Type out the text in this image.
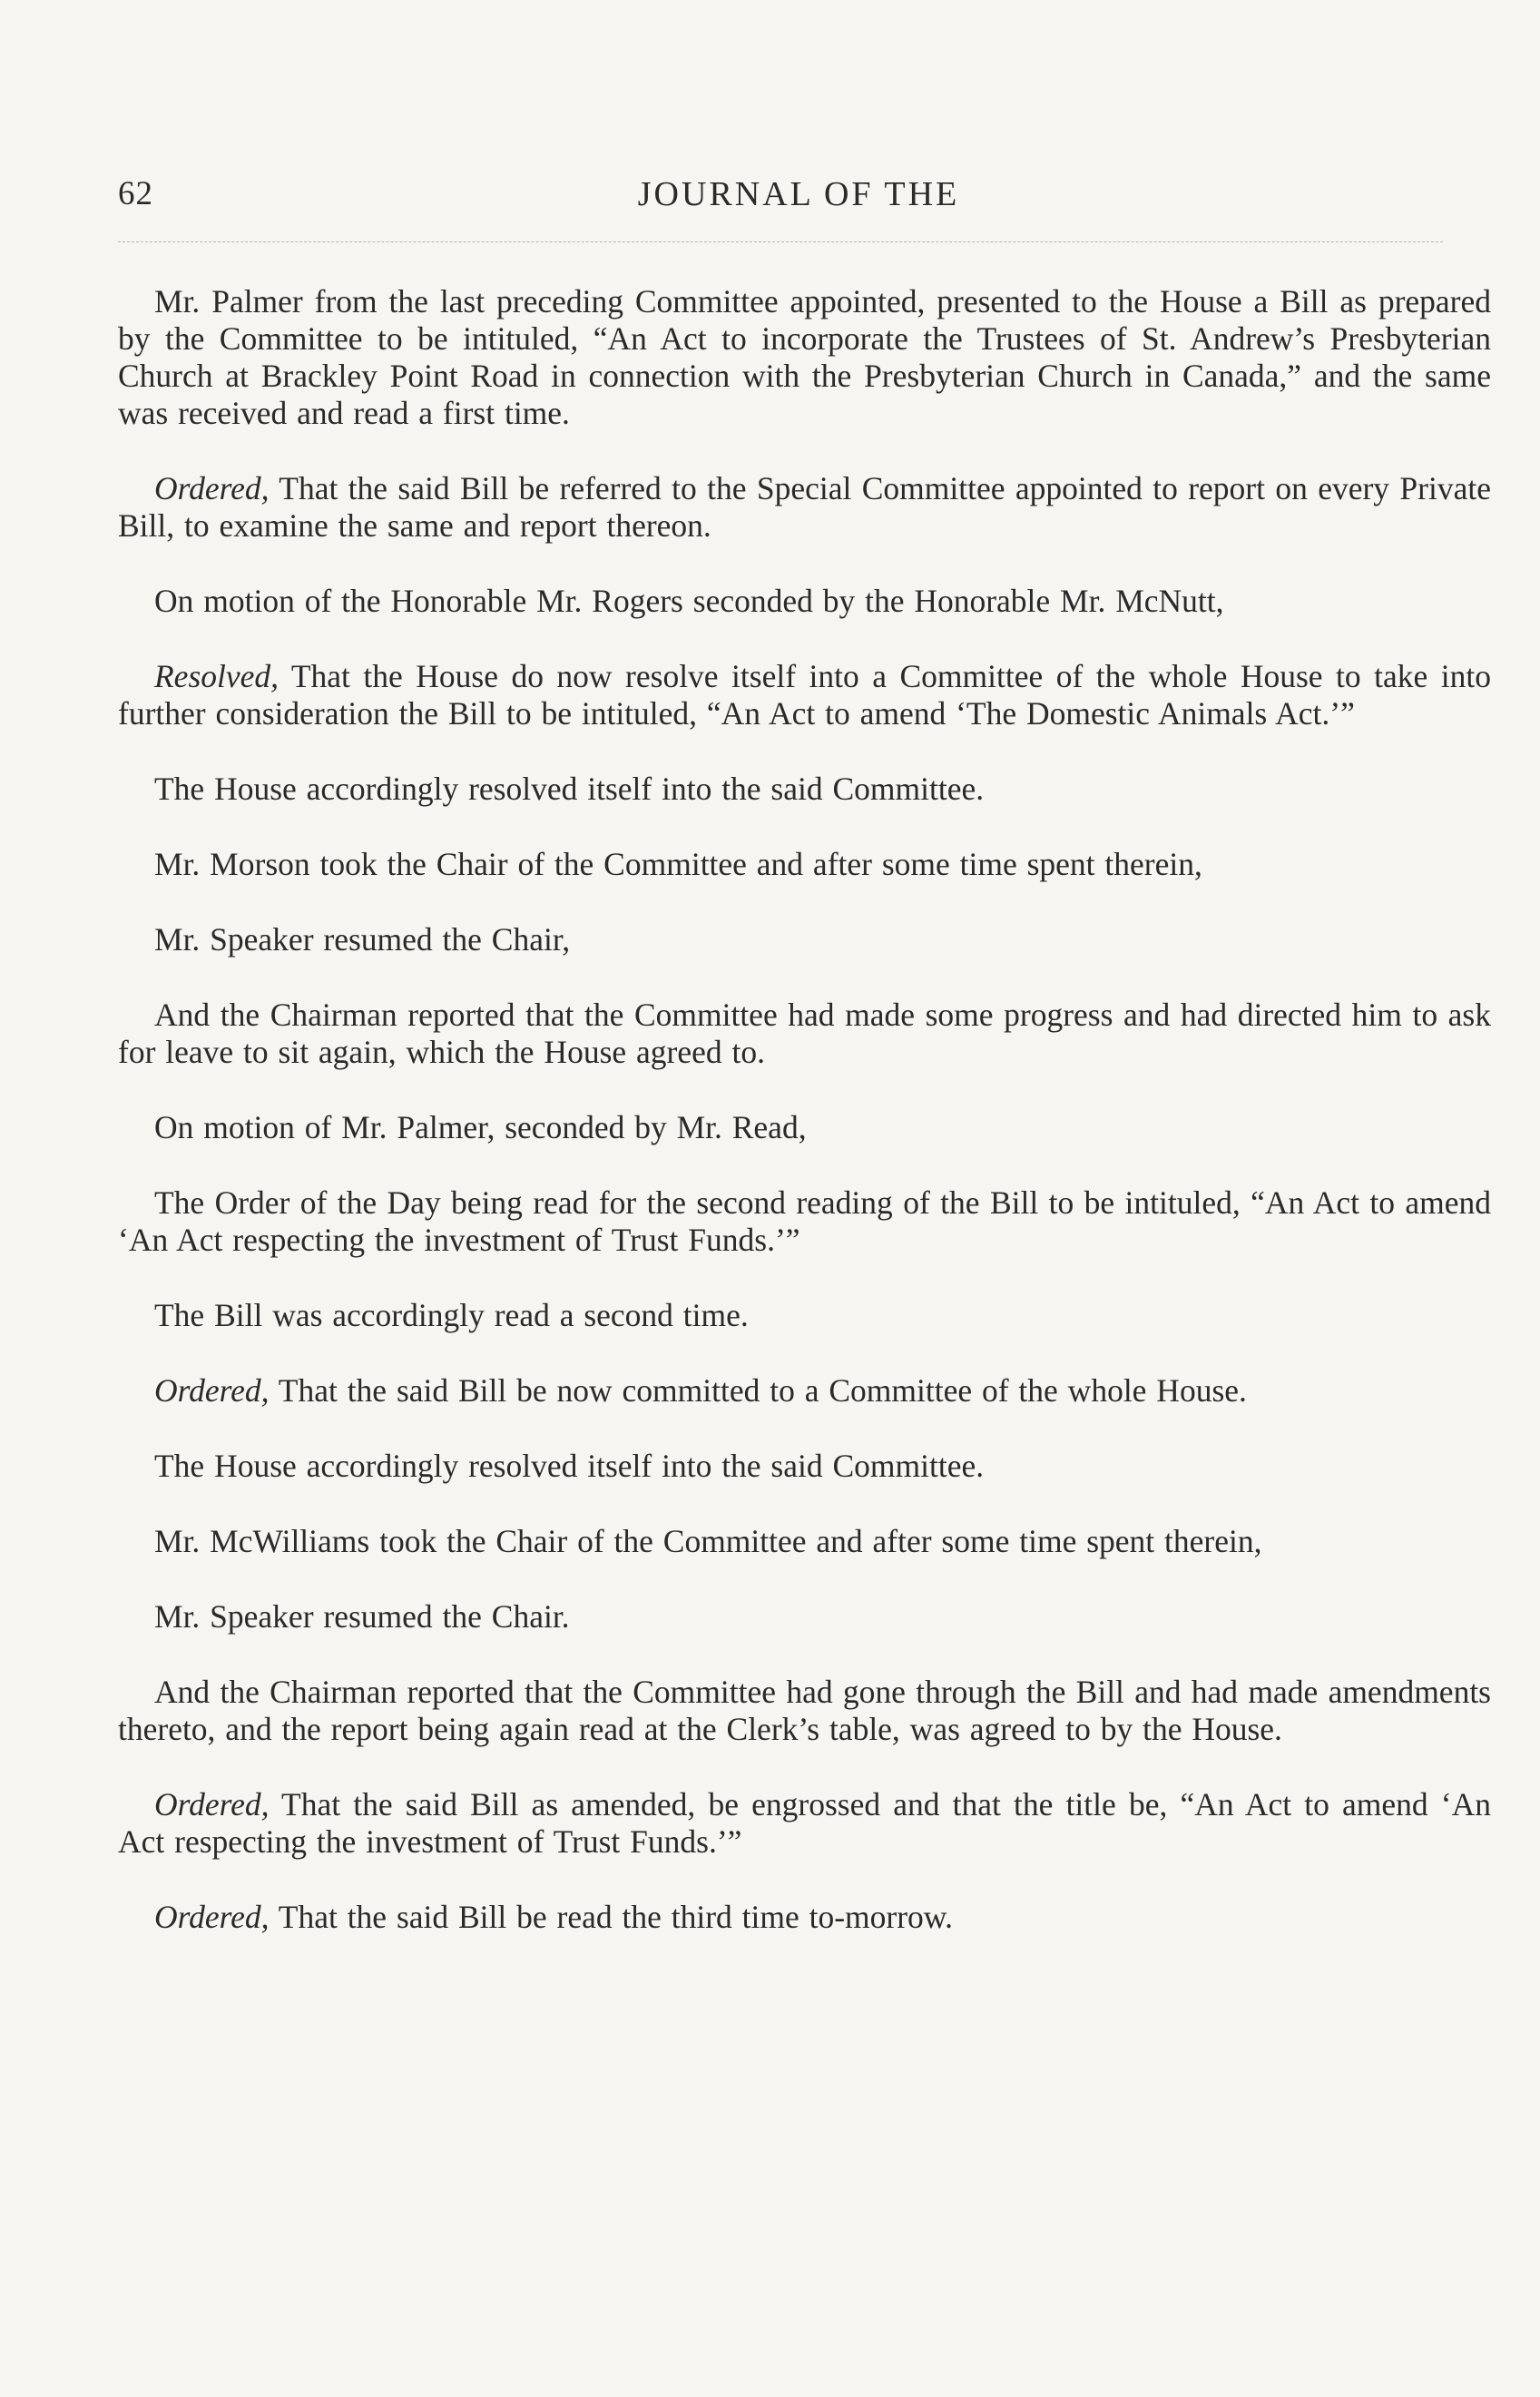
62	JOURNAL OF THE

Mr. Palmer from the last preceding Committee appointed, presented to the House a Bill as prepared by the Committee to be intituled, “An Act to incorporate the Trustees of St. Andrew’s Presbyterian Church at Brackley Point Road in connection with the Presbyterian Church in Canada,” and the same was received and read a first time.

Ordered, That the said Bill be referred to the Special Committee appointed to report on every Private Bill, to examine the same and report thereon.

On motion of the Honorable Mr. Rogers seconded by the Honorable Mr. McNutt,

Resolved, That the House do now resolve itself into a Committee of the whole House to take into further consideration the Bill to be intituled, “An Act to amend ‘The Domestic Animals Act.’”

The House accordingly resolved itself into the said Committee.

Mr. Morson took the Chair of the Committee and after some time spent therein,

Mr. Speaker resumed the Chair,

And the Chairman reported that the Committee had made some progress and had directed him to ask for leave to sit again, which the House agreed to.

On motion of Mr. Palmer, seconded by Mr. Read,

The Order of the Day being read for the second reading of the Bill to be intituled, “An Act to amend ‘An Act respecting the investment of Trust Funds.’”

The Bill was accordingly read a second time.

Ordered, That the said Bill be now committed to a Committee of the whole House.

The House accordingly resolved itself into the said Committee.

Mr. McWilliams took the Chair of the Committee and after some time spent therein,

Mr. Speaker resumed the Chair.

And the Chairman reported that the Committee had gone through the Bill and had made amendments thereto, and the report being again read at the Clerk’s table, was agreed to by the House.

Ordered, That the said Bill as amended, be engrossed and that the title be, “An Act to amend ‘An Act respecting the investment of Trust Funds.’”

Ordered, That the said Bill be read the third time to-morrow.
